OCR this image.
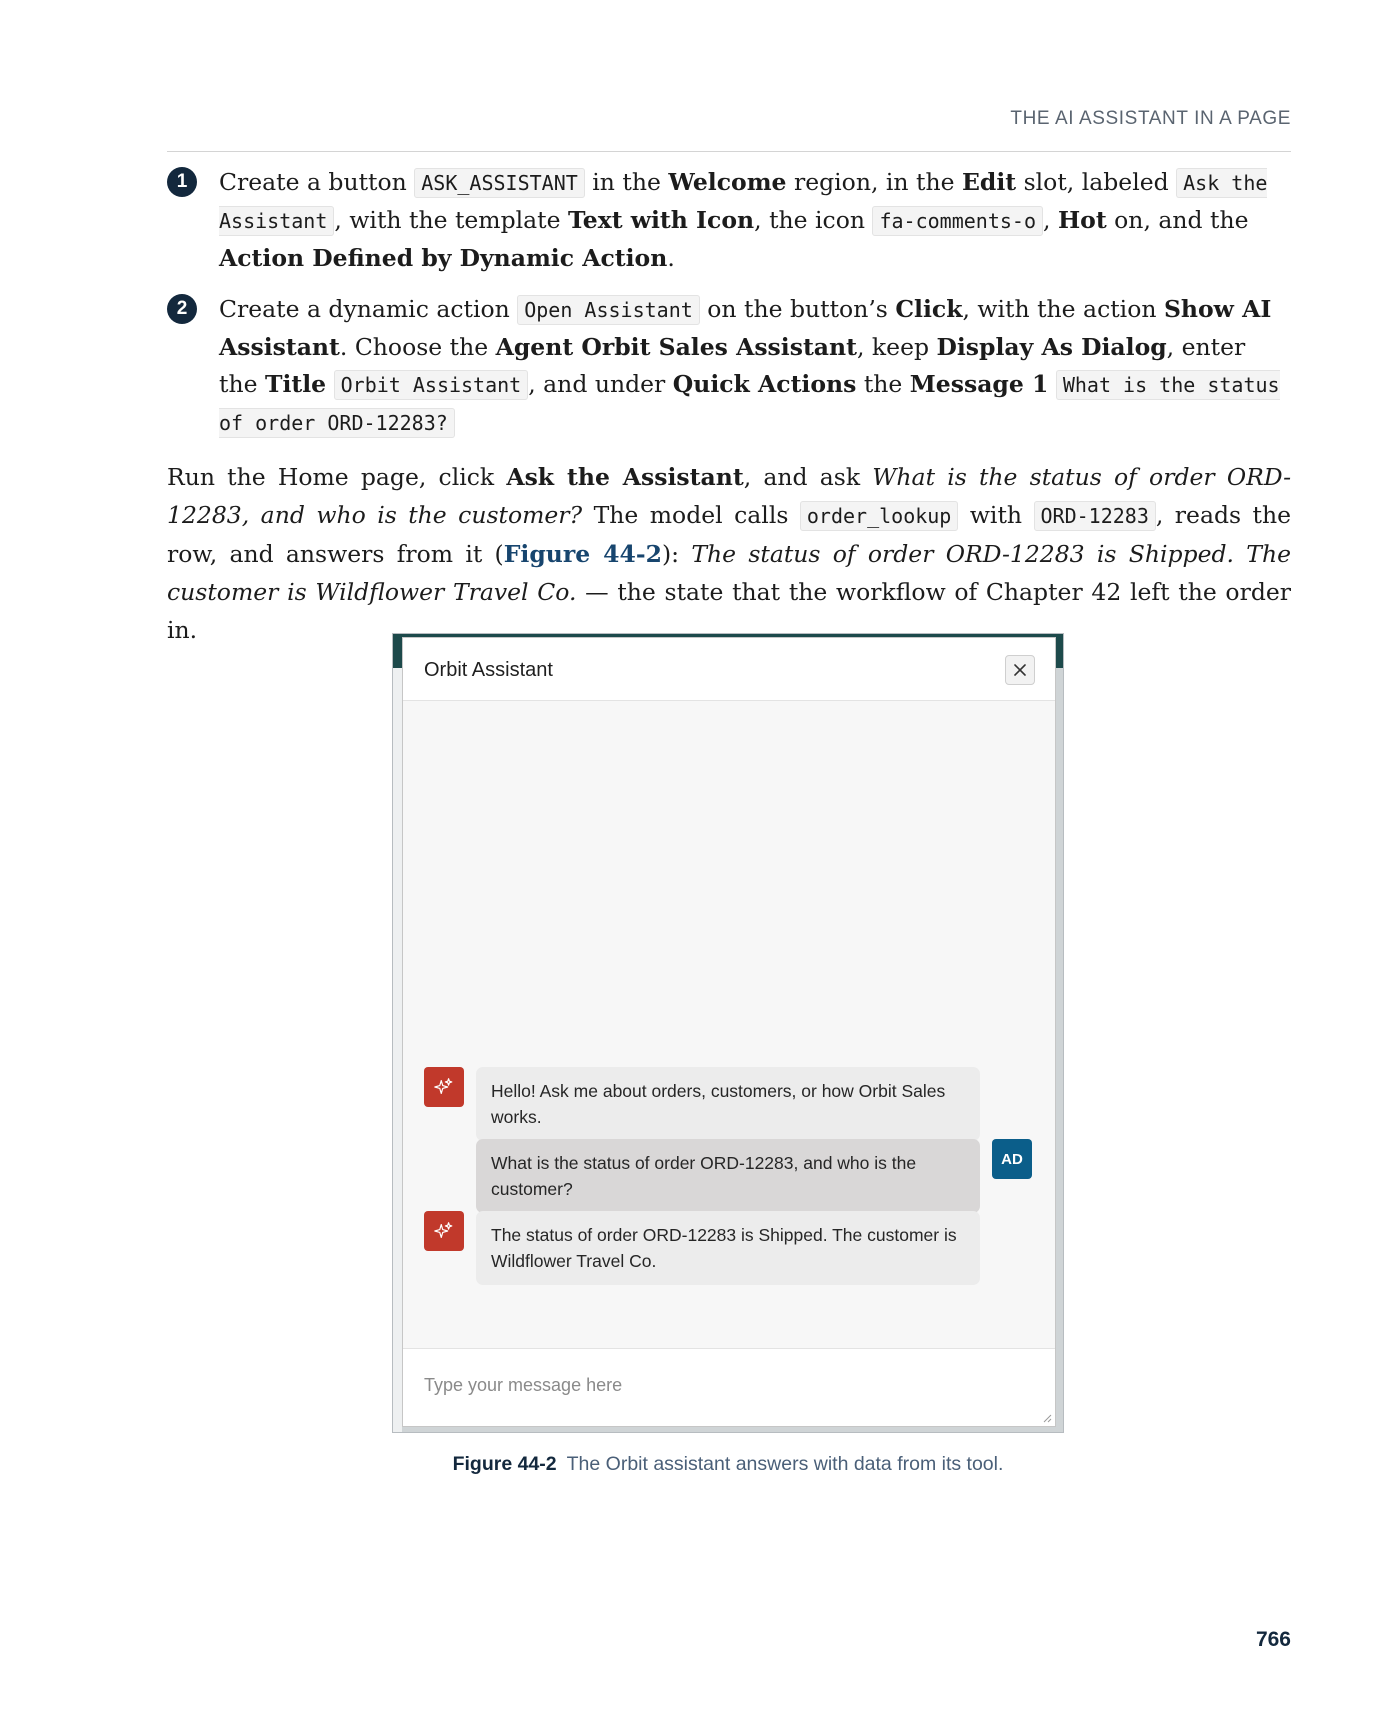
THE AI ASSISTANT IN A PAGE
1	Create a button ASK_ASSISTANT in the Welcome region, in the Edit slot, labeled Ask the Assistant , with the template Text with Icon, the icon fa-comments-o , Hot on, and the Action Defined by Dynamic Action.
2	Create a dynamic action Open Assistant on the button’s Click, with the action Show AI Assistant. Choose the Agent Orbit Sales Assistant, keep Display As Dialog, enter the Title Orbit Assistant , and under Quick Actions the Message 1 What is the status of order ORD-12283?
Run the Home page, click Ask the Assistant, and ask What is the status of order ORD-12283, and who is the customer? The model calls order_lookup with ORD-12283 , reads the row, and answers from it (Figure 44-2): The status of order ORD-12283 is Shipped. The customer is Wildflower Travel Co. — the state that the workflow of Chapter 42 left the order in.
Orbit Assistant
Hello! Ask me about orders, customers, or how Orbit Sales works.
What is the status of order ORD-12283, and who is the customer?
AD
The status of order ORD-12283 is Shipped. The customer is Wildflower Travel Co.
Type your message here
Figure 44-2 The Orbit assistant answers with data from its tool.
766
